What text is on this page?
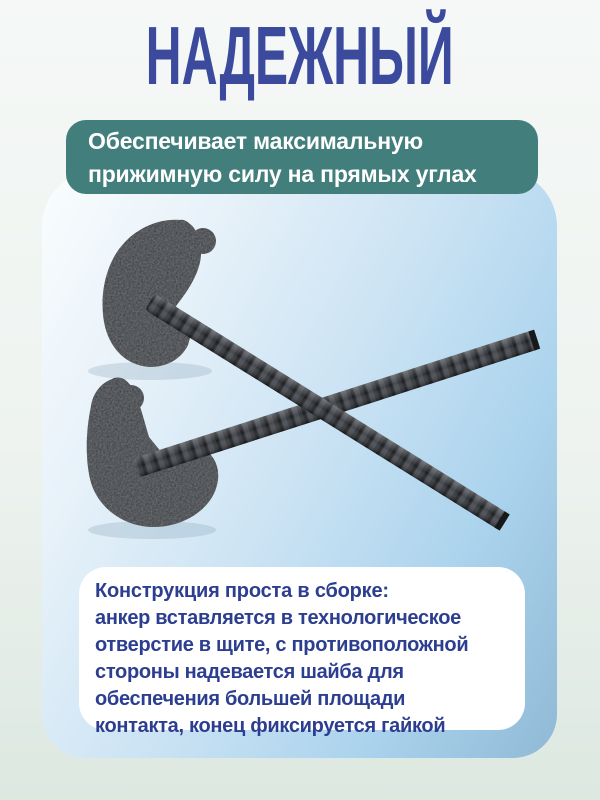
НАДЕЖНЫЙ
Обеспечивает максимальную
прижимную силу на прямых углах
Конструкция проста в сборке:
анкер вставляется в технологическое
отверстие в щите, с противоположной
стороны надевается шайба для
обеспечения большей площади
контакта, конец фиксируется гайкой
